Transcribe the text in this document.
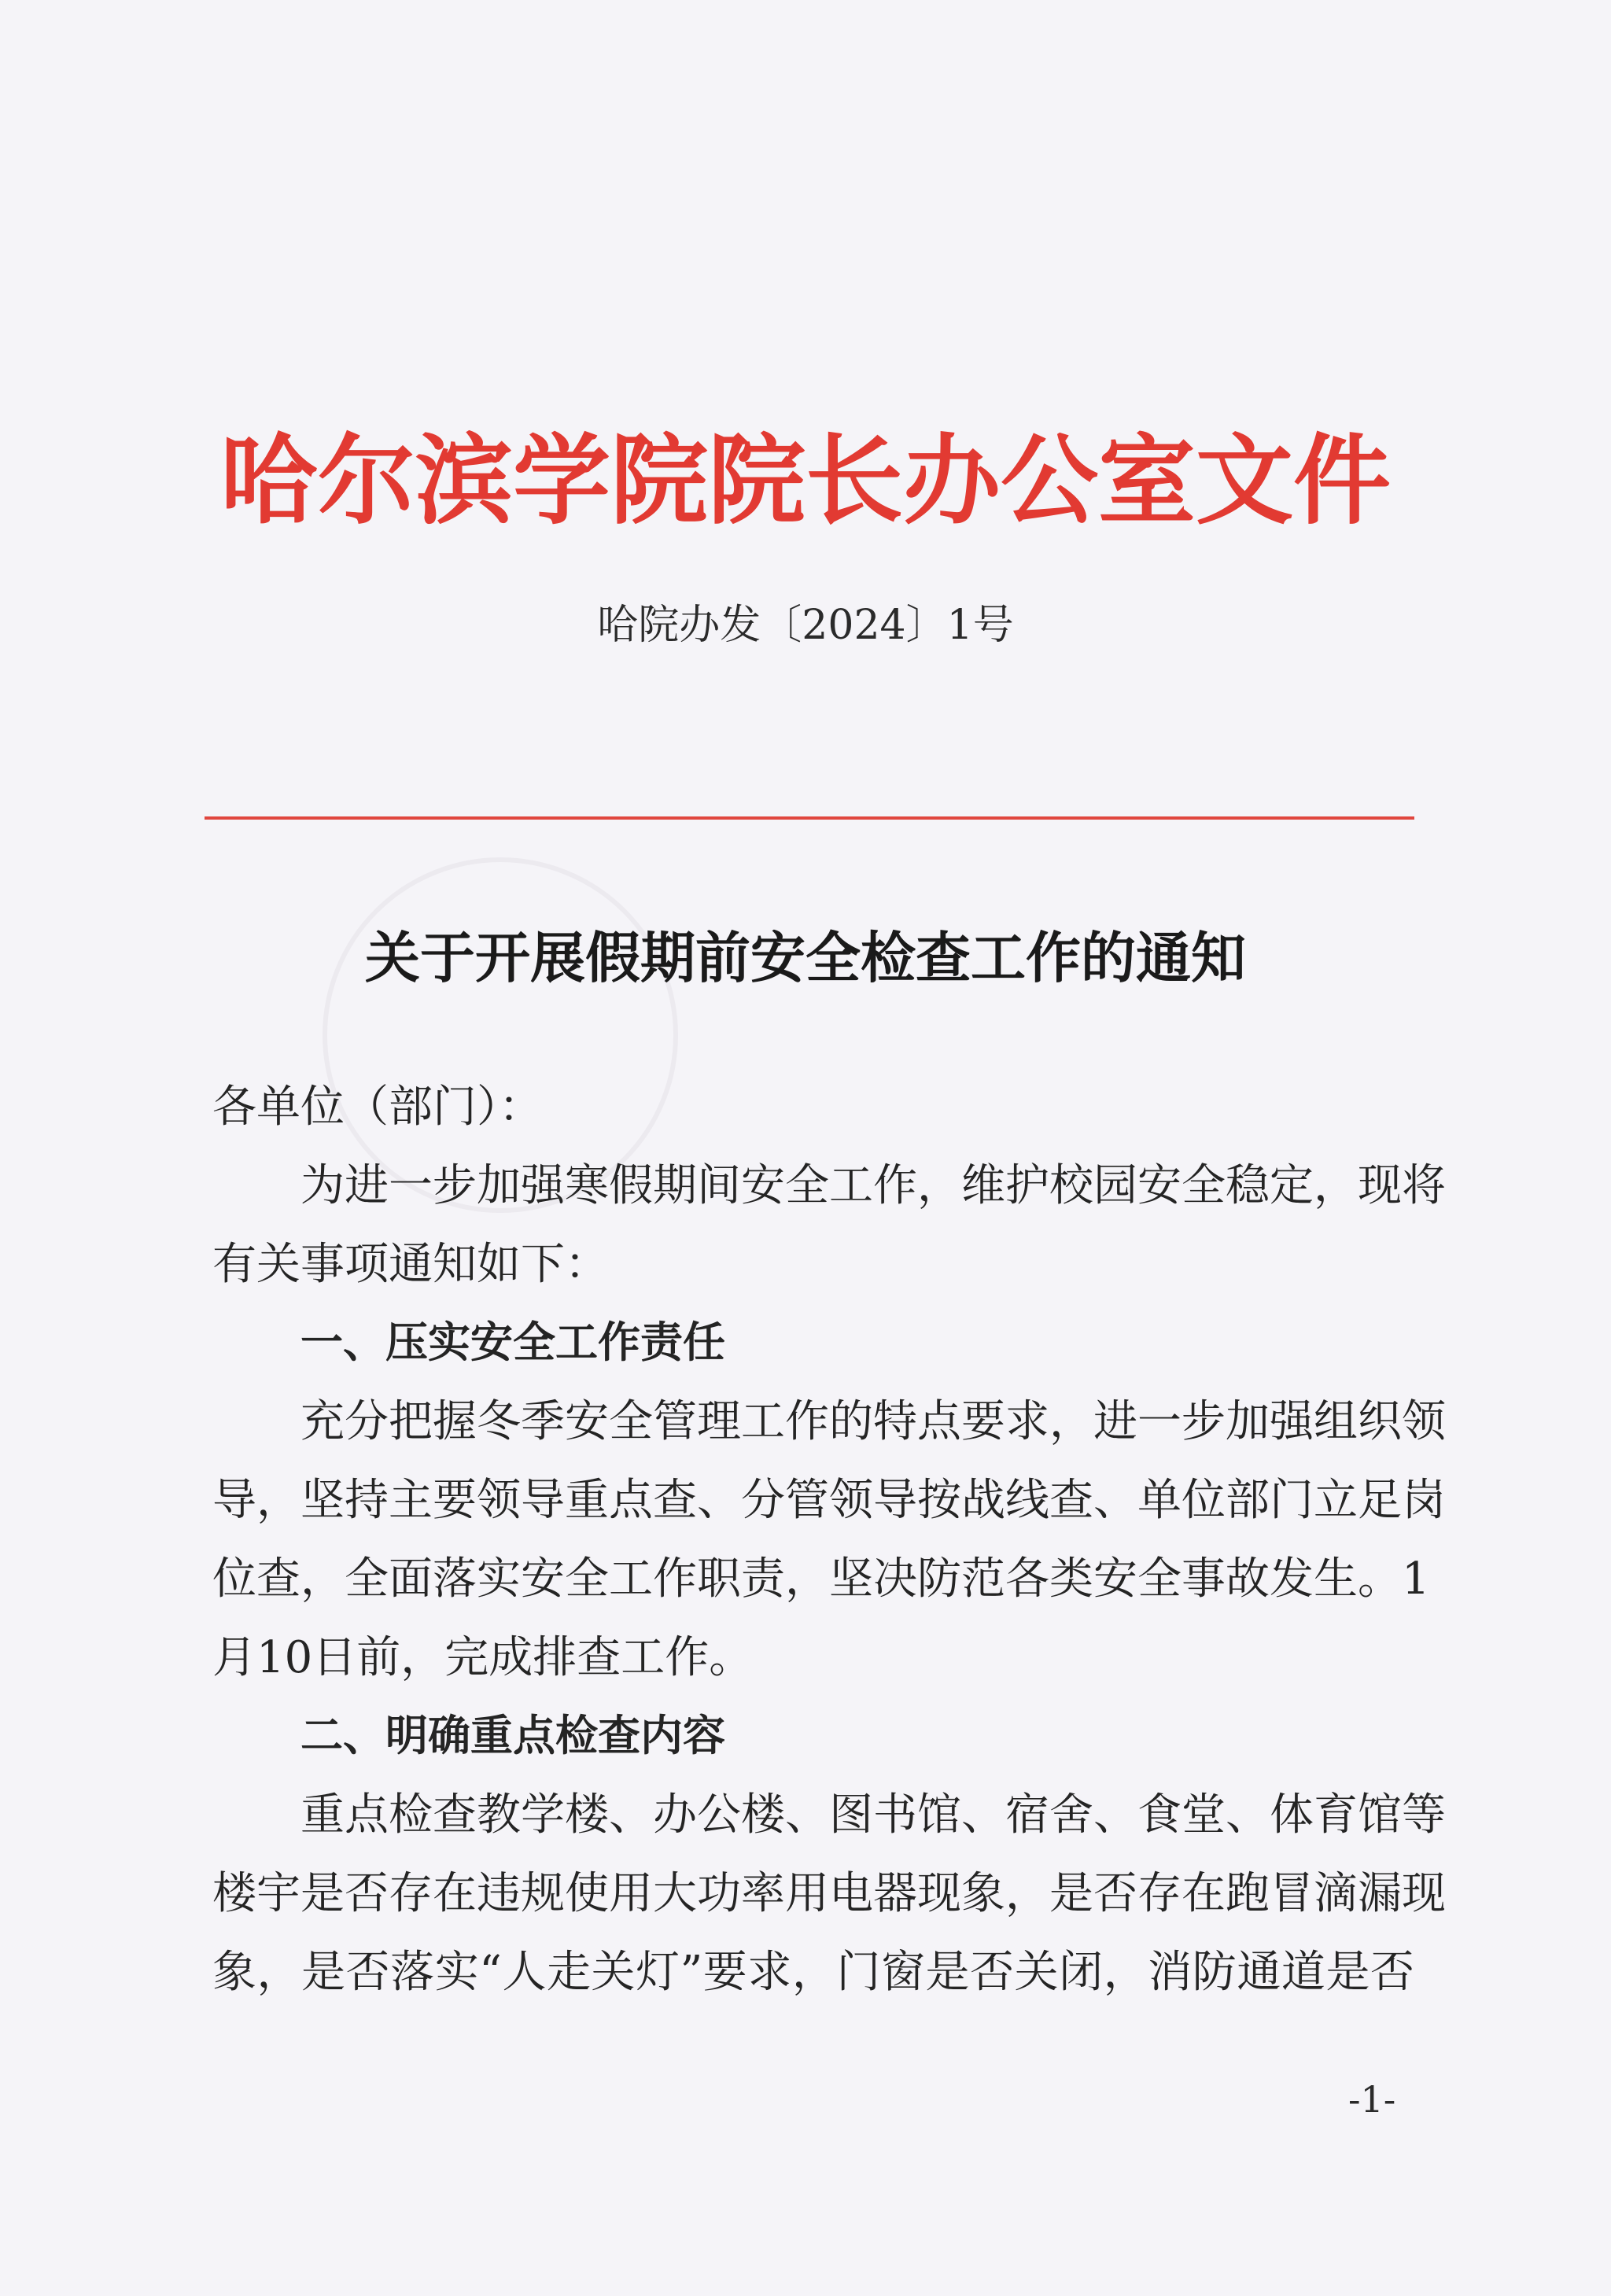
哈尔滨学院院长办公室文件
哈院办发〔2024〕1号
关于开展假期前安全检查工作的通知
各单位（部门）：
为进一步加强寒假期间安全工作，维护校园安全稳定，现将
有关事项通知如下：
一、压实安全工作责任
充分把握冬季安全管理工作的特点要求，进一步加强组织领
导，坚持主要领导重点查、分管领导按战线查、单位部门立足岗
位查，全面落实安全工作职责，坚决防范各类安全事故发生。1
月10日前，完成排查工作。
二、明确重点检查内容
重点检查教学楼、办公楼、图书馆、宿舍、食堂、体育馆等
楼宇是否存在违规使用大功率用电器现象，是否存在跑冒滴漏现
象，是否落实“人走关灯”要求，门窗是否关闭，消防通道是否
-1-
